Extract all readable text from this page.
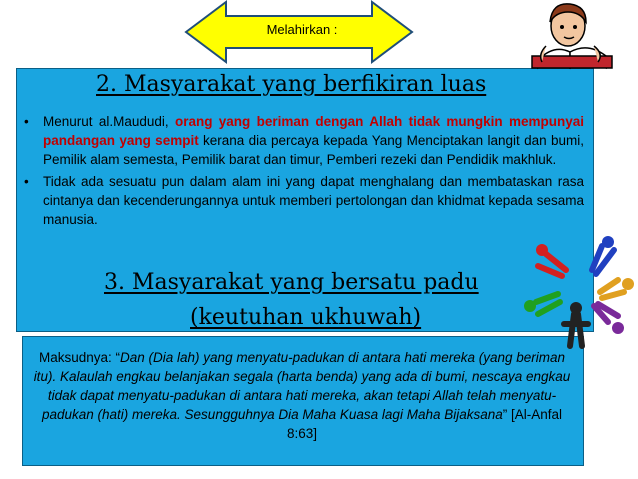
Melahirkan :
2. Masyarakat yang berfikiran luas
• Menurut al.Maududi, orang yang beriman dengan Allah tidak mungkin mempunyai pandangan yang sempit kerana dia percaya kepada Yang Menciptakan langit dan bumi, Pemilik alam semesta, Pemilik barat dan timur, Pemberi rezeki dan Pendidik makhluk.
• Tidak ada sesuatu pun dalam alam ini yang dapat menghalang dan membataskan rasa cintanya dan kecenderungannya untuk memberi pertolongan dan khidmat kepada sesama manusia.
3. Masyarakat yang bersatu padu
(keutuhan ukhuwah)
Maksudnya: “Dan (Dia lah) yang menyatu-padukan di antara hati mereka (yang beriman itu). Kalaulah engkau belanjakan segala (harta benda) yang ada di bumi, nescaya engkau tidak dapat menyatu-padukan di antara hati mereka, akan tetapi Allah telah menyatu-padukan (hati) mereka. Sesungguhnya Dia Maha Kuasa lagi Maha Bijaksana” [Al-Anfal 8:63]
